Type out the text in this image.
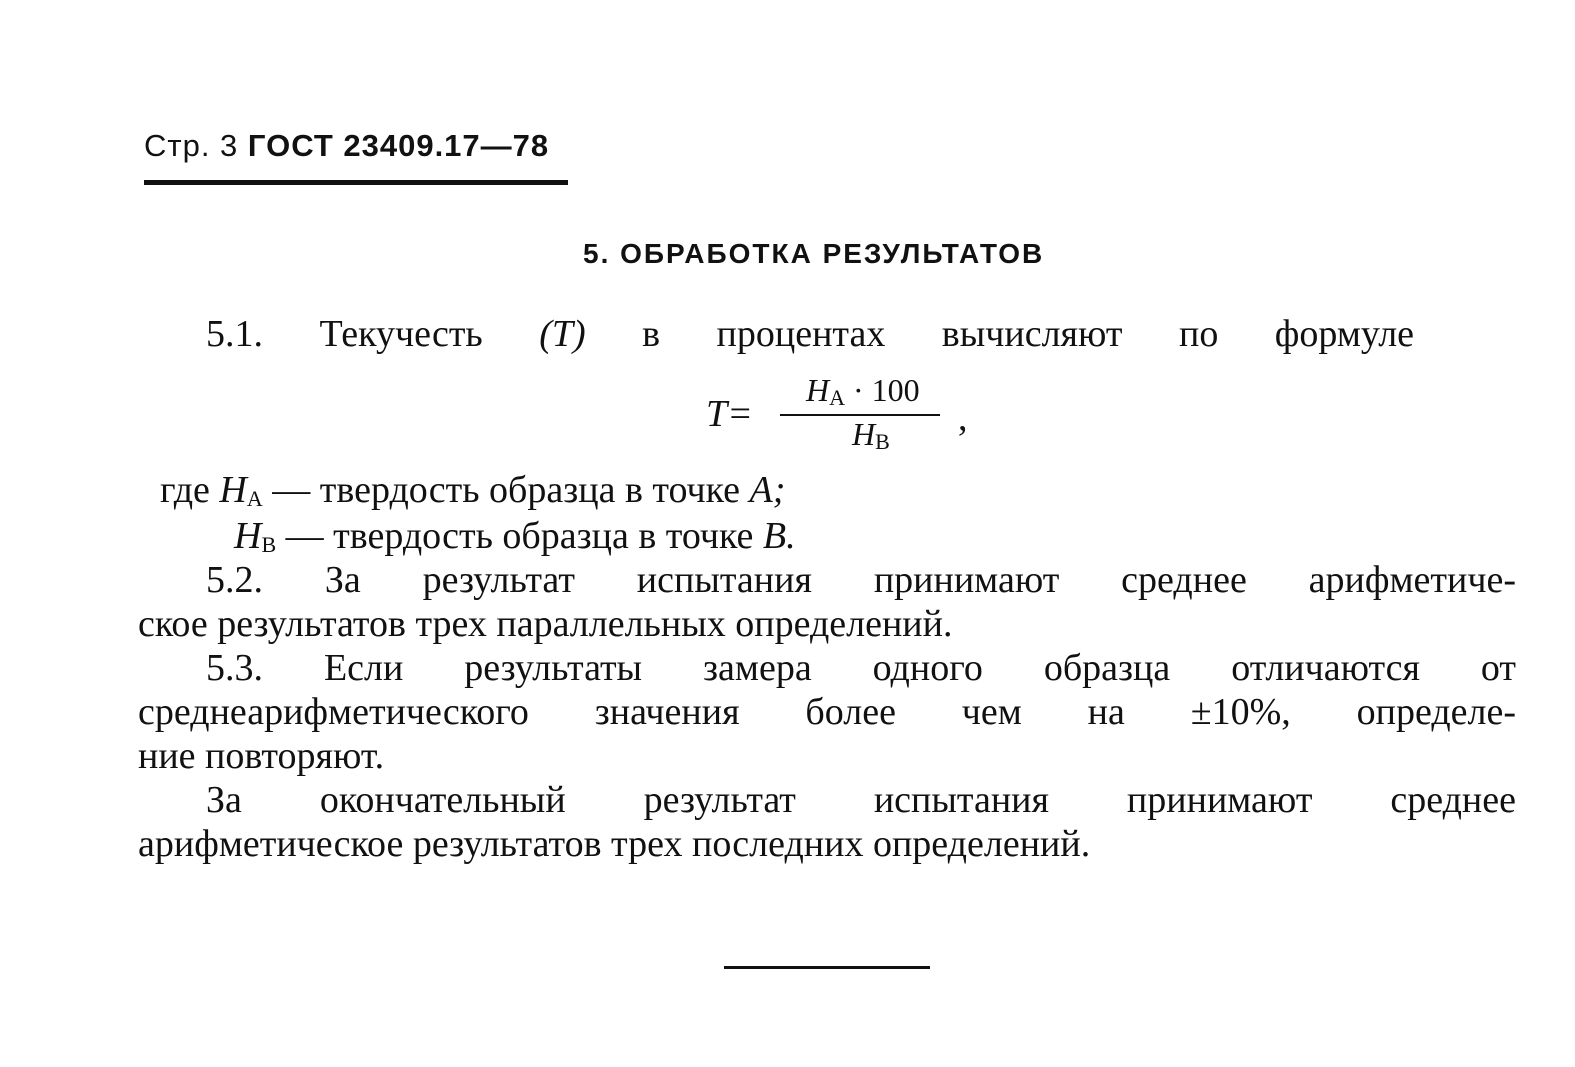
Стр. 3 ГОСТ 23409.17—78
5. ОБРАБОТКА РЕЗУЛЬТАТОВ
5.1. Текучесть (T) в процентах вычисляют по формуле
T=
HA · 100
HB
,
где HA — твердость образца в точке A;
HB — твердость образца в точке B.
5.2. За результат испытания принимают среднее арифметиче-
ское результатов трех параллельных определений.
5.3. Если результаты замера одного образца отличаются от
среднеарифметического значения более чем на ±10%, определе-
ние повторяют.
За окончательный результат испытания принимают среднее
арифметическое результатов трех последних определений.
